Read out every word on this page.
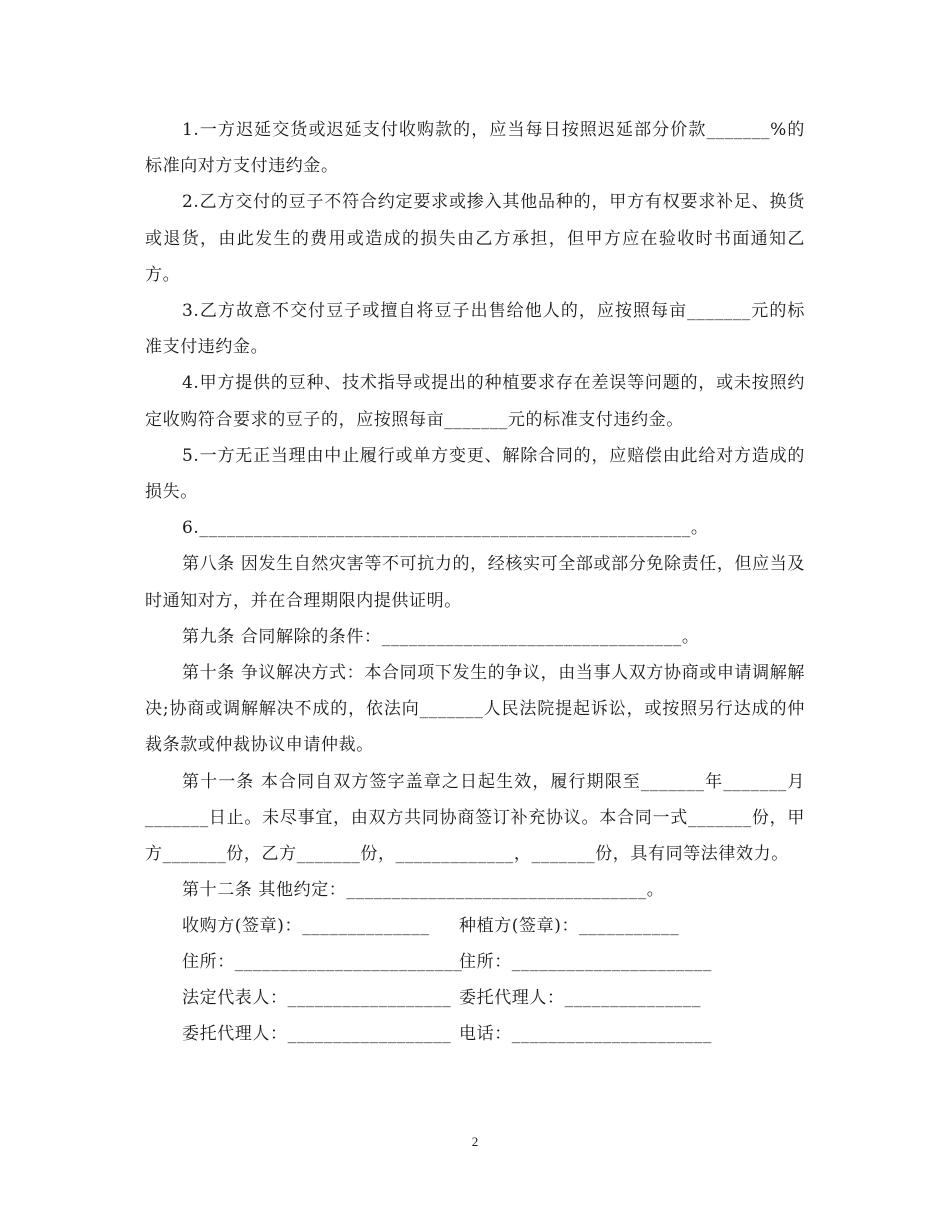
1.一方迟延交货或迟延支付收购款的，应当每日按照迟延部分价款_______%的标准向对方支付违约金。

2.乙方交付的豆子不符合约定要求或掺入其他品种的，甲方有权要求补足、换货或退货，由此发生的费用或造成的损失由乙方承担，但甲方应在验收时书面通知乙方。

3.乙方故意不交付豆子或擅自将豆子出售给他人的，应按照每亩_______元的标准支付违约金。

4.甲方提供的豆种、技术指导或提出的种植要求存在差误等问题的，或未按照约定收购符合要求的豆子的，应按照每亩_______元的标准支付违约金。

5.一方无正当理由中止履行或单方变更、解除合同的，应赔偿由此给对方造成的损失。

6.______________________________________________________。

第八条 因发生自然灾害等不可抗力的，经核实可全部或部分免除责任，但应当及时通知对方，并在合理期限内提供证明。

第九条 合同解除的条件：_________________________________。

第十条 争议解决方式：本合同项下发生的争议，由当事人双方协商或申请调解解决;协商或调解解决不成的，依法向_______人民法院提起诉讼，或按照另行达成的仲裁条款或仲裁协议申请仲裁。

第十一条 本合同自双方签字盖章之日起生效，履行期限至_______年_______月_______日止。未尽事宜，由双方共同协商签订补充协议。本合同一式_______份，甲方_______份，乙方_______份，_____________，_______份，具有同等法律效力。

第十二条 其他约定：_________________________________。

收购方(签章)：______________ 种植方(签章)：___________
住所：_________________________住所：______________________
法定代表人：__________________ 委托代理人：_______________
委托代理人：__________________ 电话：______________________
2
